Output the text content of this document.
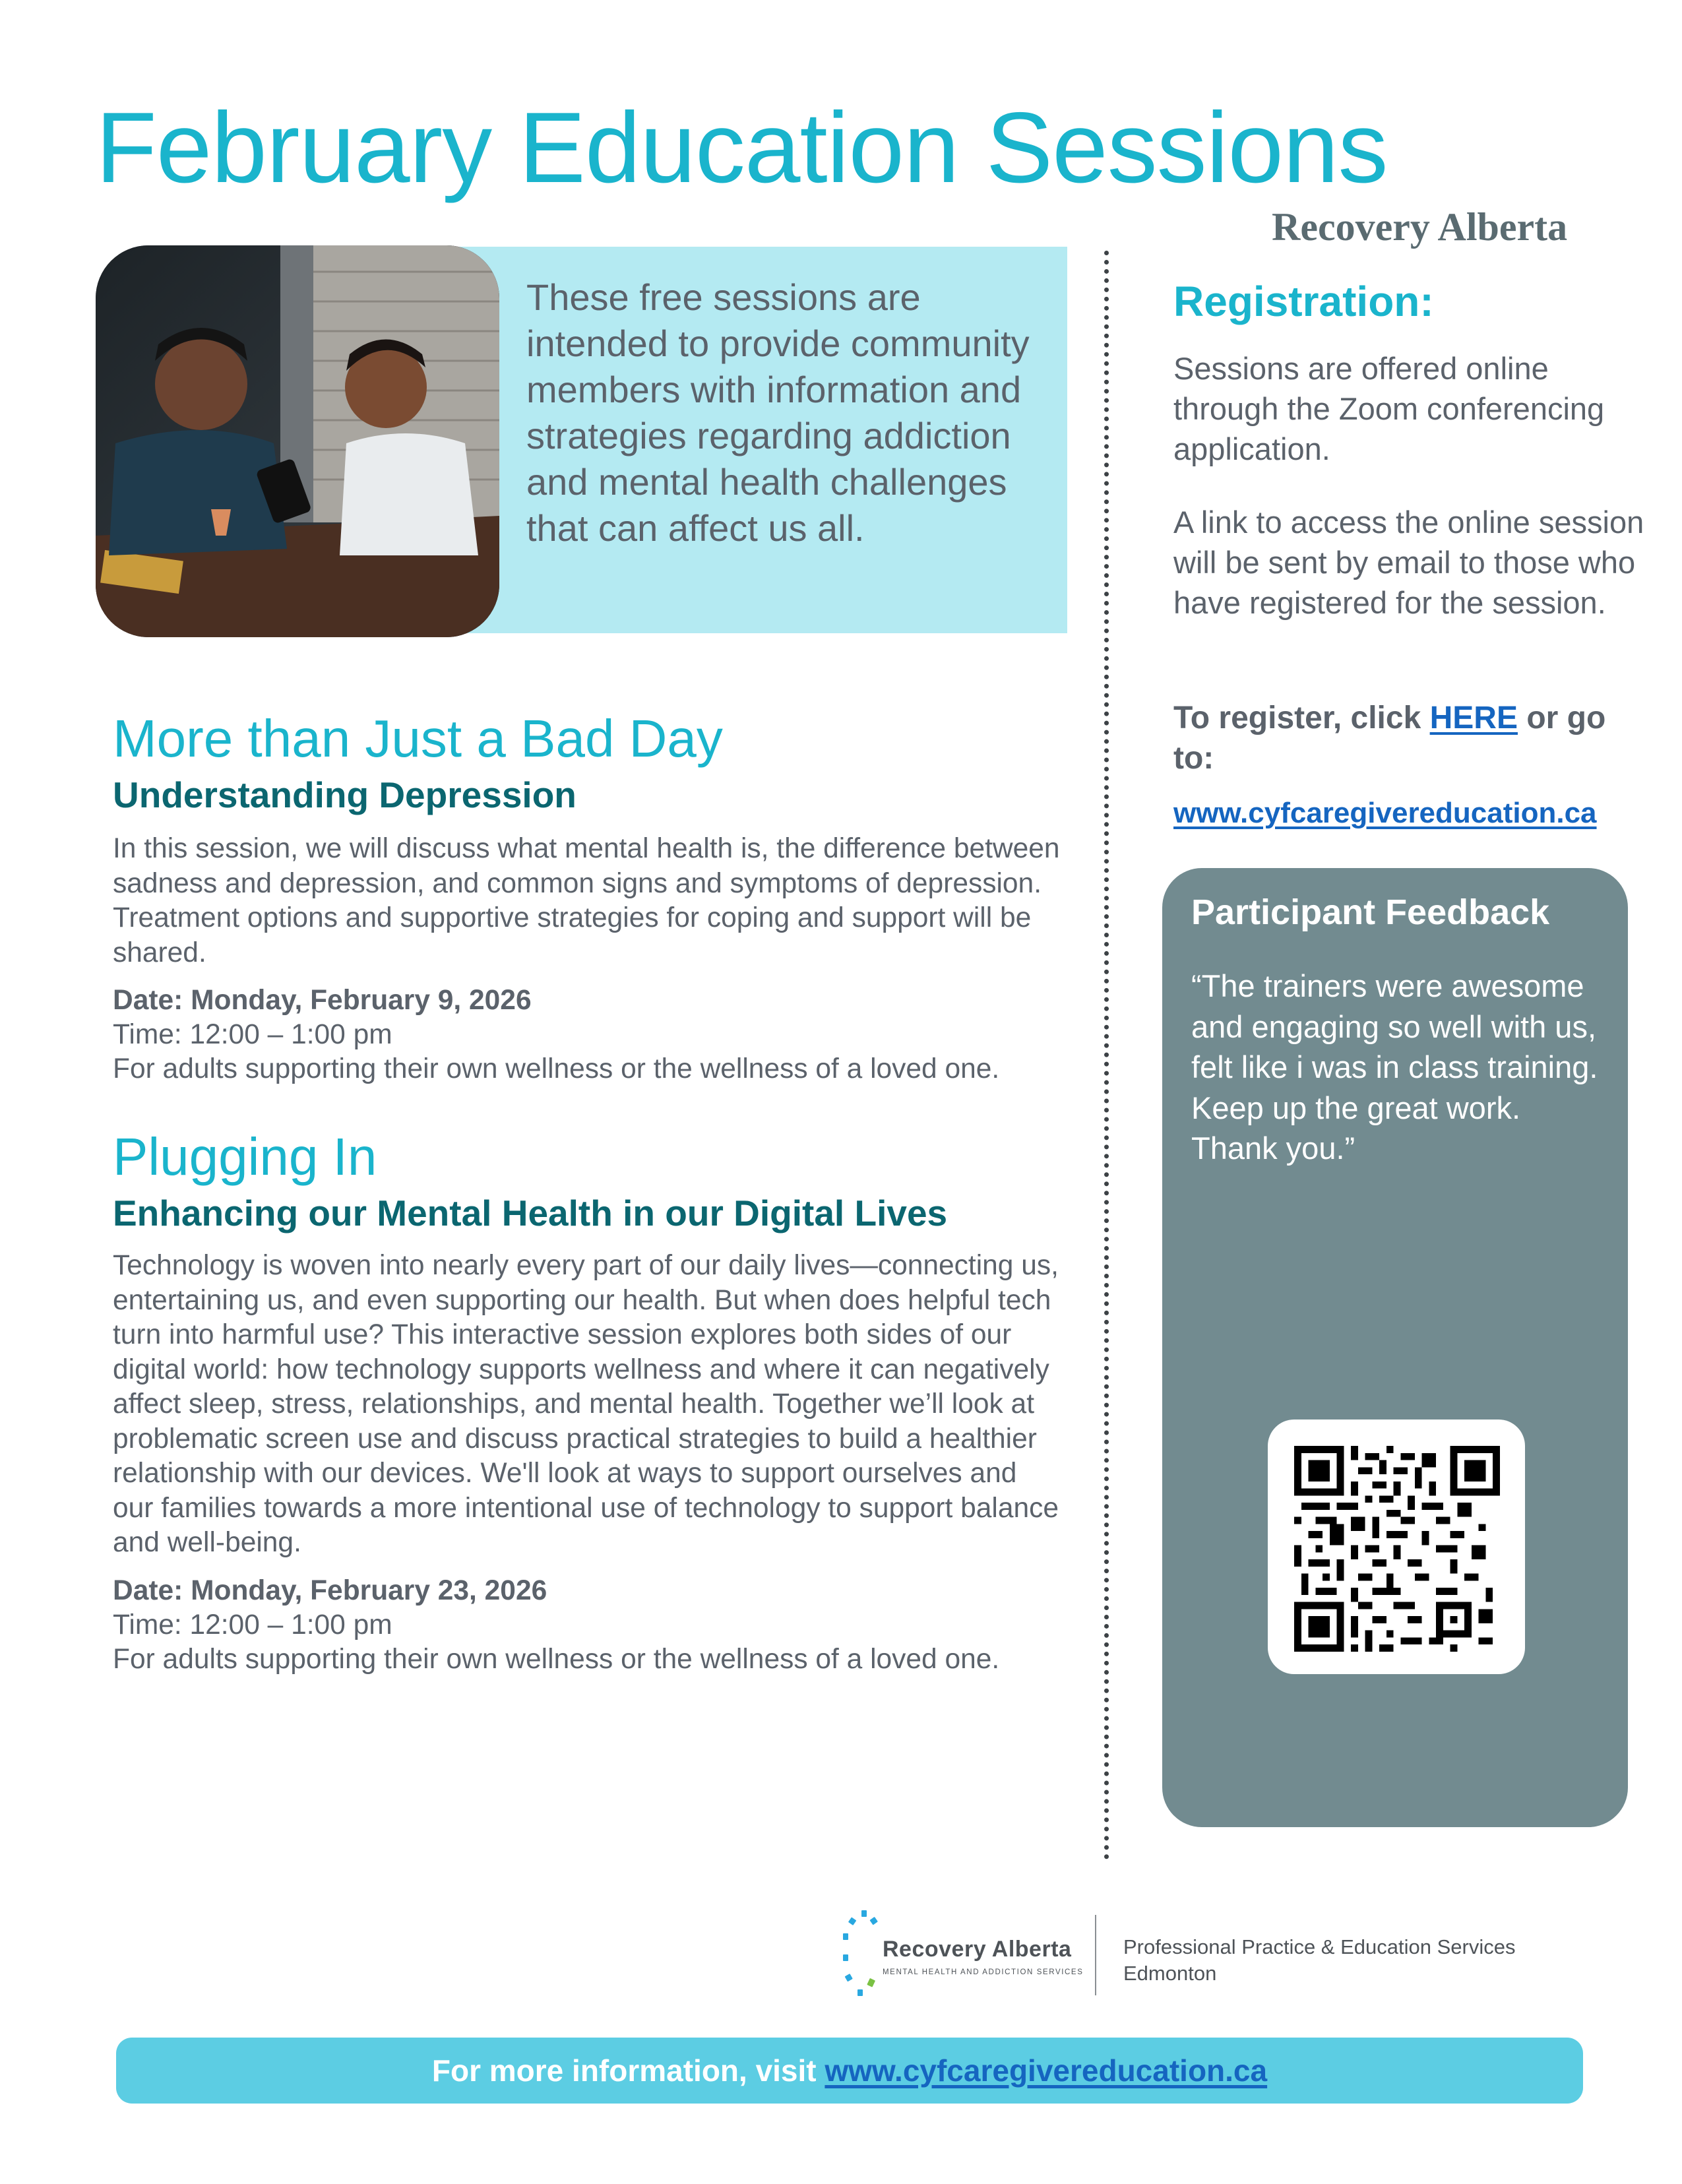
February Education Sessions
Recovery Alberta
These free sessions are intended to provide community members with information and strategies regarding addiction and mental health challenges that can affect us all.
More than Just a Bad Day
Understanding Depression
In this session, we will discuss what mental health is, the difference between sadness and depression, and common signs and symptoms of depression. Treatment options and supportive strategies for coping and support will be shared.
Date: Monday, February 9, 2026
Time: 12:00 – 1:00 pm
For adults supporting their own wellness or the wellness of a loved one.
Plugging In
Enhancing our Mental Health in our Digital Lives
Technology is woven into nearly every part of our daily lives—connecting us, entertaining us, and even supporting our health. But when does helpful tech turn into harmful use? This interactive session explores both sides of our digital world: how technology supports wellness and where it can negatively affect sleep, stress, relationships, and mental health. Together we’ll look at problematic screen use and discuss practical strategies to build a healthier relationship with our devices. We'll look at ways to support ourselves and our families towards a more intentional use of technology to support balance and well-being.
Date: Monday, February 23, 2026
Time: 12:00 – 1:00 pm
For adults supporting their own wellness or the wellness of a loved one.
Registration:
Sessions are offered online through the Zoom conferencing application.
A link to access the online session will be sent by email to those who have registered for the session.
To register, click HERE or go to:
www.cyfcaregivereducation.ca
Participant Feedback
“The trainers were awesome and engaging so well with us, felt like i was in class training. Keep up the great work. Thank you.”
Recovery Alberta
MENTAL HEALTH AND ADDICTION SERVICES
Professional Practice & Education Services
Edmonton
For more information, visit www.cyfcaregivereducation.ca
